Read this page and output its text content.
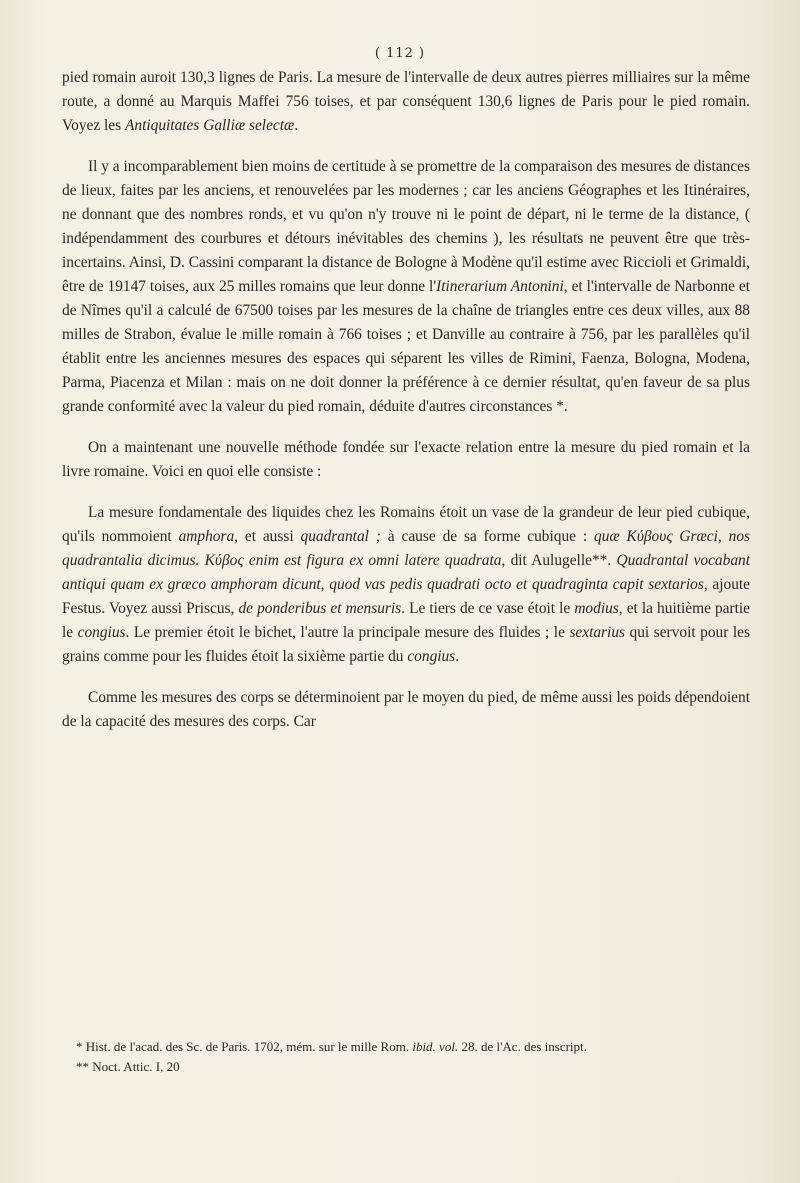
( 112 )

pied romain auroit 130,3 lignes de Paris. La mesure de l'intervalle de deux autres pierres milliaires sur la même route, a donné au Marquis Maffei 756 toises, et par conséquent 130,6 lignes de Paris pour le pied romain. Voyez les Antiquitates Galliæ selectæ.

Il y a incomparablement bien moins de certitude à se promettre de la comparaison des mesures de distances de lieux, faites par les anciens, et renouvelées par les modernes ; car les anciens Géographes et les Itinéraires, ne donnant que des nombres ronds, et vu qu'on n'y trouve ni le point de départ, ni le terme de la distance, ( indépendamment des courbures et détours inévitables des chemins ), les résultats ne peuvent être que très-incertains. Ainsi, D. Cassini comparant la distance de Bologne à Modène qu'il estime avec Riccioli et Grimaldi, être de 19147 toises, aux 25 milles romains que leur donne l'Itinerarium Antonini, et l'intervalle de Narbonne et de Nîmes qu'il a calculé de 67500 toises par les mesures de la chaîne de triangles entre ces deux villes, aux 88 milles de Strabon, évalue le mille romain à 766 toises ; et Danville au contraire à 756, par les parallèles qu'il établit entre les anciennes mesures des espaces qui séparent les villes de Rimini, Faenza, Bologna, Modena, Parma, Piacenza et Milan : mais on ne doit donner la préférence à ce dernier résultat, qu'en faveur de sa plus grande conformité avec la valeur du pied romain, déduite d'autres circonstances *.

On a maintenant une nouvelle méthode fondée sur l'exacte relation entre la mesure du pied romain et la livre romaine. Voici en quoi elle consiste :

La mesure fondamentale des liquides chez les Romains étoit un vase de la grandeur de leur pied cubique, qu'ils nommoient amphora, et aussi quadrantal ; à cause de sa forme cubique : quæ Κύβους Græci, nos quadrantalia dicimus. Κύβος enim est figura ex omni latere quadrata, dit Aulugelle**. Quadrantal vocabant antiqui quam ex græco amphoram dicunt, quod vas pedis quadrati octo et quadraginta capit sextarios, ajoute Festus. Voyez aussi Priscus, de ponderibus et mensuris. Le tiers de ce vase étoit le modius, et la huitième partie le congius. Le premier étoit le bichet, l'autre la principale mesure des fluides ; le sextarius qui servoit pour les grains comme pour les fluides étoit la sixième partie du congius.

Comme les mesures des corps se déterminoient par le moyen du pied, de même aussi les poids dépendoient de la capacité des mesures des corps. Car

* Hist. de l'acad. des Sc. de Paris. 1702, mém. sur le mille Rom. ibid. vol. 28. de l'Ac. des inscript.
** Noct. Attic. I, 20
